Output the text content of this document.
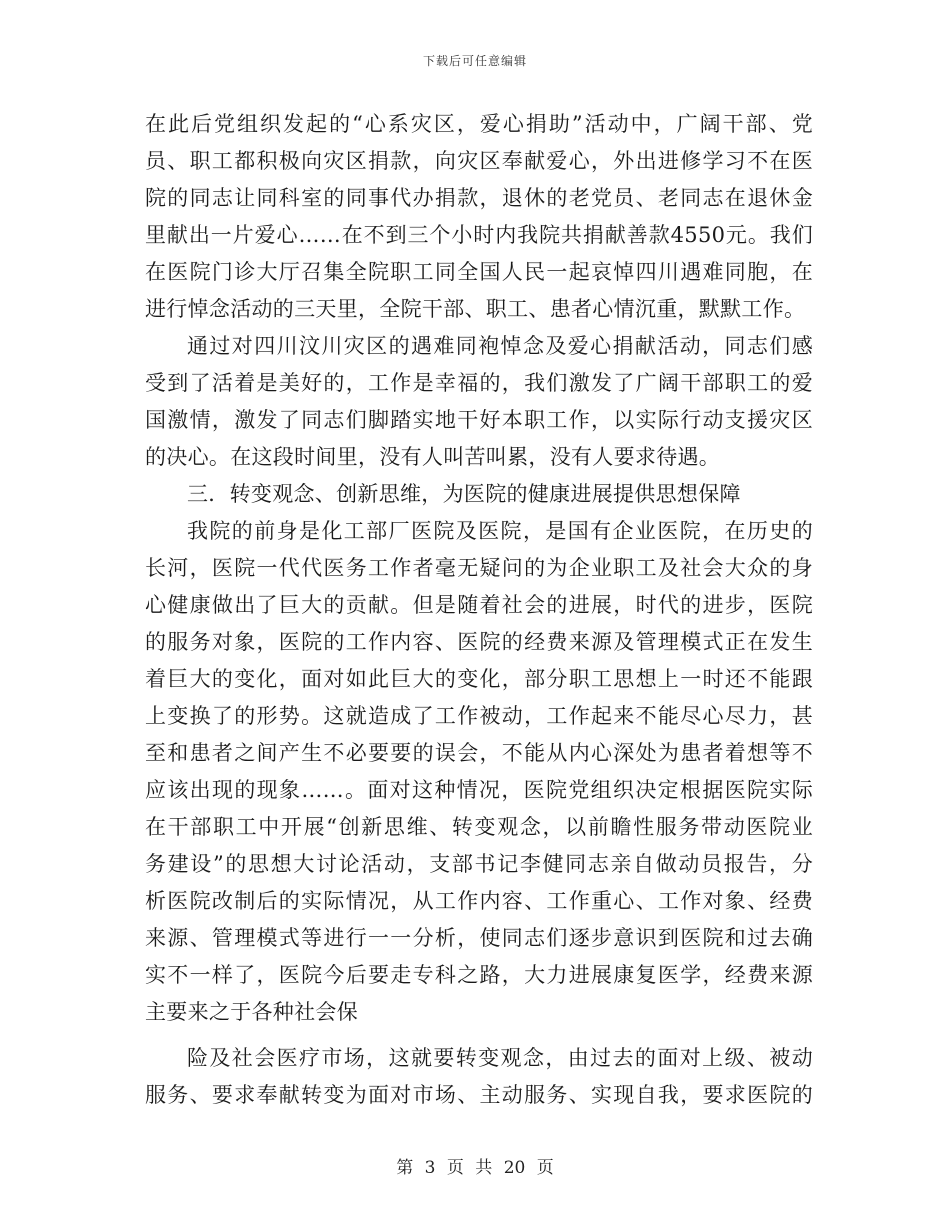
下载后可任意编辑
在此后党组织发起的“心系灾区，爱心捐助”活动中，广阔干部、党
员、职工都积极向灾区捐款，向灾区奉献爱心，外出进修学习不在医
院的同志让同科室的同事代办捐款，退休的老党员、老同志在退休金
里献出一片爱心……在不到三个小时内我院共捐献善款4550元。我们
在医院门诊大厅召集全院职工同全国人民一起哀悼四川遇难同胞，在
进行悼念活动的三天里，全院干部、职工、患者心情沉重，默默工作。
通过对四川汶川灾区的遇难同袍悼念及爱心捐献活动，同志们感
受到了活着是美好的，工作是幸福的，我们激发了广阔干部职工的爱
国激情，激发了同志们脚踏实地干好本职工作，以实际行动支援灾区
的决心。在这段时间里，没有人叫苦叫累，没有人要求待遇。
三．转变观念、创新思维，为医院的健康进展提供思想保障
我院的前身是化工部厂医院及医院，是国有企业医院，在历史的
长河，医院一代代医务工作者毫无疑问的为企业职工及社会大众的身
心健康做出了巨大的贡献。但是随着社会的进展，时代的进步，医院
的服务对象，医院的工作内容、医院的经费来源及管理模式正在发生
着巨大的变化，面对如此巨大的变化，部分职工思想上一时还不能跟
上变换了的形势。这就造成了工作被动，工作起来不能尽心尽力，甚
至和患者之间产生不必要要的误会，不能从内心深处为患者着想等不
应该出现的现象……。面对这种情况，医院党组织决定根据医院实际
在干部职工中开展“创新思维、转变观念，以前瞻性服务带动医院业
务建设”的思想大讨论活动，支部书记李健同志亲自做动员报告，分
析医院改制后的实际情况，从工作内容、工作重心、工作对象、经费
来源、管理模式等进行一一分析，使同志们逐步意识到医院和过去确
实不一样了，医院今后要走专科之路，大力进展康复医学，经费来源
主要来之于各种社会保
险及社会医疗市场，这就要转变观念，由过去的面对上级、被动
服务、要求奉献转变为面对市场、主动服务、实现自我，要求医院的
第 3 页 共 20 页
